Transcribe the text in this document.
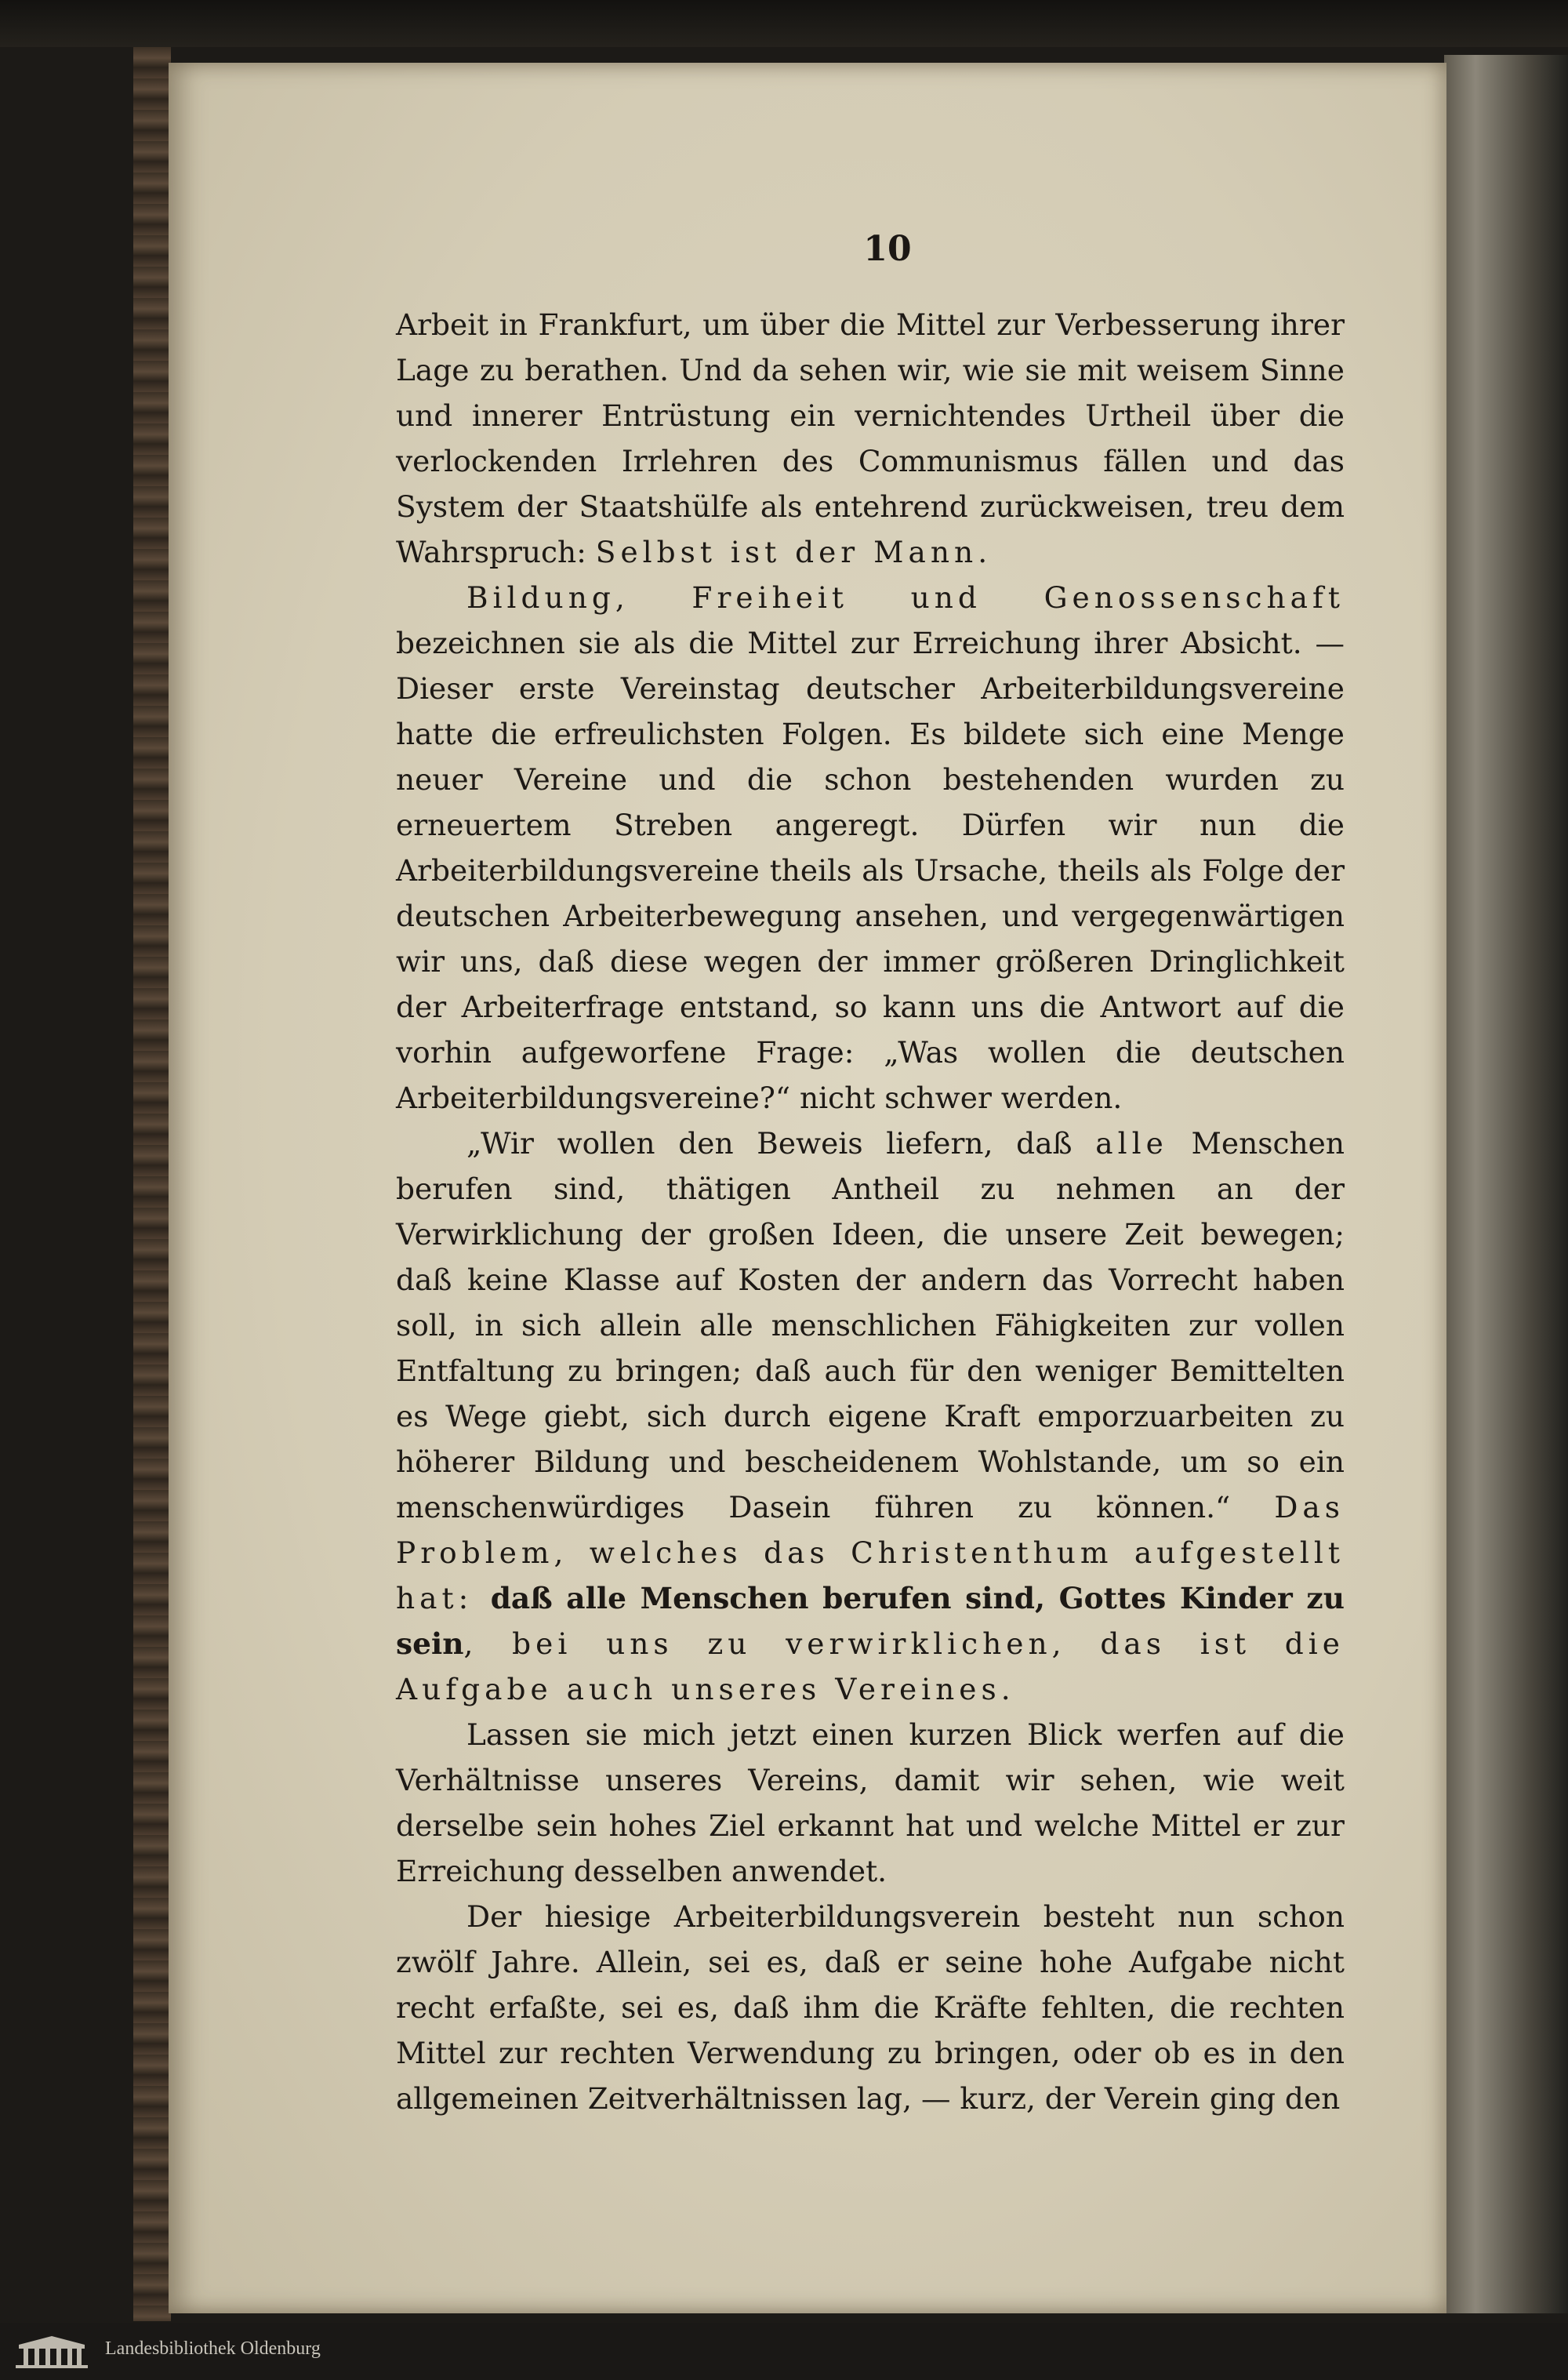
10

Arbeit in Frankfurt, um über die Mittel zur Verbesserung ihrer Lage zu berathen. Und da sehen wir, wie sie mit weisem Sinne und innerer Entrüstung ein vernichtendes Urtheil über die verlockenden Irrlehren des Communismus fällen und das System der Staatshülfe als entehrend zurückweisen, treu dem Wahrspruch: Selbst ist der Mann.

Bildung, Freiheit und Genossenschaft bezeichnen sie als die Mittel zur Erreichung ihrer Absicht. — Dieser erste Vereinstag deutscher Arbeiterbildungsvereine hatte die erfreulichsten Folgen. Es bildete sich eine Menge neuer Vereine und die schon bestehenden wurden zu erneuertem Streben angeregt. Dürfen wir nun die Arbeiterbildungsvereine theils als Ursache, theils als Folge der deutschen Arbeiterbewegung ansehen, und vergegenwärtigen wir uns, daß diese wegen der immer größeren Dringlichkeit der Arbeiterfrage entstand, so kann uns die Antwort auf die vorhin aufgeworfene Frage: „Was wollen die deutschen Arbeiterbildungsvereine?“ nicht schwer werden.

„Wir wollen den Beweis liefern, daß alle Menschen berufen sind, thätigen Antheil zu nehmen an der Verwirklichung der großen Ideen, die unsere Zeit bewegen; daß keine Klasse auf Kosten der andern das Vorrecht haben soll, in sich allein alle menschlichen Fähigkeiten zur vollen Entfaltung zu bringen; daß auch für den weniger Bemittelten es Wege giebt, sich durch eigene Kraft emporzuarbeiten zu höherer Bildung und bescheidenem Wohlstande, um so ein menschenwürdiges Dasein führen zu können.“ Das Problem, welches das Christenthum aufgestellt hat: daß alle Menschen berufen sind, Gottes Kinder zu sein, bei uns zu verwirklichen, das ist die Aufgabe auch unseres Vereines.

Lassen sie mich jetzt einen kurzen Blick werfen auf die Verhältnisse unseres Vereins, damit wir sehen, wie weit derselbe sein hohes Ziel erkannt hat und welche Mittel er zur Erreichung desselben anwendet.

Der hiesige Arbeiterbildungsverein besteht nun schon zwölf Jahre. Allein, sei es, daß er seine hohe Aufgabe nicht recht erfaßte, sei es, daß ihm die Kräfte fehlten, die rechten Mittel zur rechten Verwendung zu bringen, oder ob es in den allgemeinen Zeitverhältnissen lag, — kurz, der Verein ging den

Landesbibliothek Oldenburg
